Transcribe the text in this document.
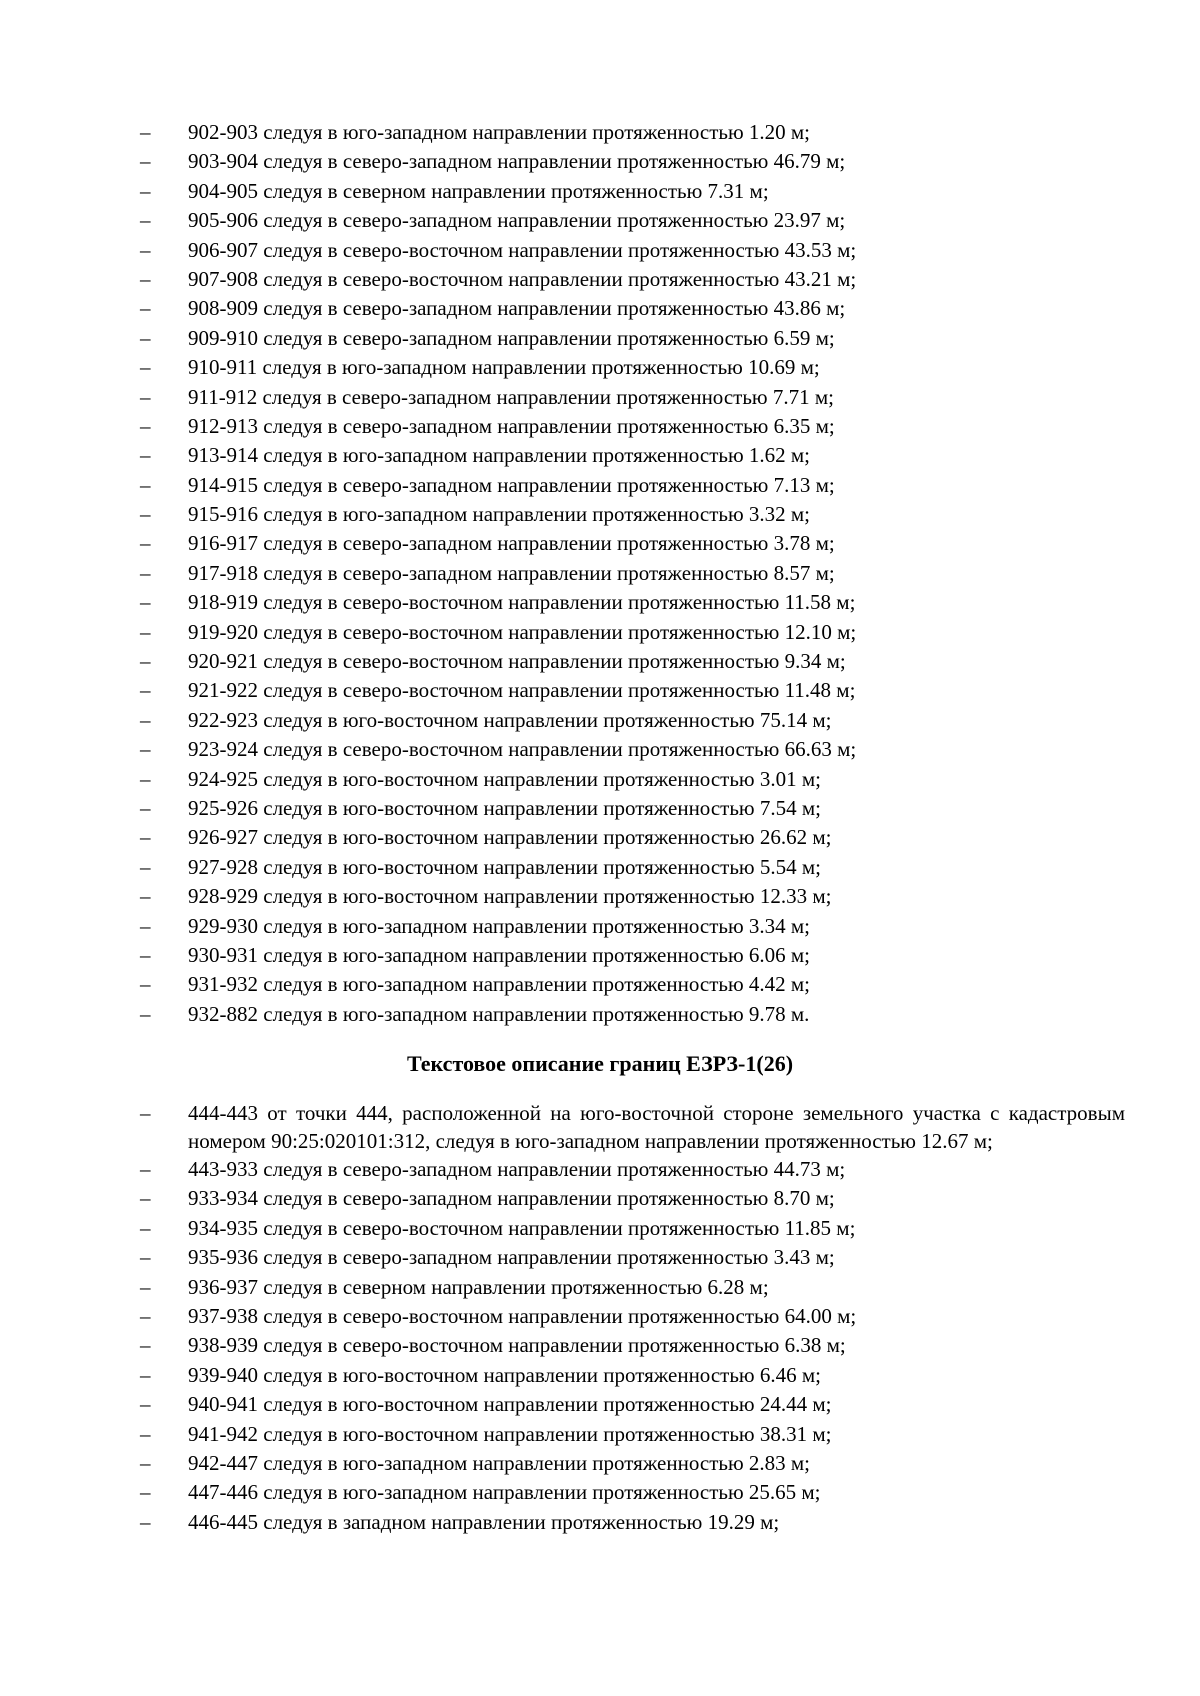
–	902-903 следуя в юго-западном направлении протяженностью 1.20 м;
–	903-904 следуя в северо-западном направлении протяженностью 46.79 м;
–	904-905 следуя в северном направлении протяженностью 7.31 м;
–	905-906 следуя в северо-западном направлении протяженностью 23.97 м;
–	906-907 следуя в северо-восточном направлении протяженностью 43.53 м;
–	907-908 следуя в северо-восточном направлении протяженностью 43.21 м;
–	908-909 следуя в северо-западном направлении протяженностью 43.86 м;
–	909-910 следуя в северо-западном направлении протяженностью 6.59 м;
–	910-911 следуя в юго-западном направлении протяженностью 10.69 м;
–	911-912 следуя в северо-западном направлении протяженностью 7.71 м;
–	912-913 следуя в северо-западном направлении протяженностью 6.35 м;
–	913-914 следуя в юго-западном направлении протяженностью 1.62 м;
–	914-915 следуя в северо-западном направлении протяженностью 7.13 м;
–	915-916 следуя в юго-западном направлении протяженностью 3.32 м;
–	916-917 следуя в северо-западном направлении протяженностью 3.78 м;
–	917-918 следуя в северо-западном направлении протяженностью 8.57 м;
–	918-919 следуя в северо-восточном направлении протяженностью 11.58 м;
–	919-920 следуя в северо-восточном направлении протяженностью 12.10 м;
–	920-921 следуя в северо-восточном направлении протяженностью 9.34 м;
–	921-922 следуя в северо-восточном направлении протяженностью 11.48 м;
–	922-923 следуя в юго-восточном направлении протяженностью 75.14 м;
–	923-924 следуя в северо-восточном направлении протяженностью 66.63 м;
–	924-925 следуя в юго-восточном направлении протяженностью 3.01 м;
–	925-926 следуя в юго-восточном направлении протяженностью 7.54 м;
–	926-927 следуя в юго-восточном направлении протяженностью 26.62 м;
–	927-928 следуя в юго-восточном направлении протяженностью 5.54 м;
–	928-929 следуя в юго-восточном направлении протяженностью 12.33 м;
–	929-930 следуя в юго-западном направлении протяженностью 3.34 м;
–	930-931 следуя в юго-западном направлении протяженностью 6.06 м;
–	931-932 следуя в юго-западном направлении протяженностью 4.42 м;
–	932-882 следуя в юго-западном направлении протяженностью 9.78 м.
Текстовое описание границ ЕЗРЗ-1(26)
–	444-443 от точки 444, расположенной на юго-восточной стороне земельного участка с кадастровым номером 90:25:020101:312, следуя в юго-западном направлении протяженностью 12.67 м;
–	443-933 следуя в северо-западном направлении протяженностью 44.73 м;
–	933-934 следуя в северо-западном направлении протяженностью 8.70 м;
–	934-935 следуя в северо-восточном направлении протяженностью 11.85 м;
–	935-936 следуя в северо-западном направлении протяженностью 3.43 м;
–	936-937 следуя в северном направлении протяженностью 6.28 м;
–	937-938 следуя в северо-восточном направлении протяженностью 64.00 м;
–	938-939 следуя в северо-восточном направлении протяженностью 6.38 м;
–	939-940 следуя в юго-восточном направлении протяженностью 6.46 м;
–	940-941 следуя в юго-восточном направлении протяженностью 24.44 м;
–	941-942 следуя в юго-восточном направлении протяженностью 38.31 м;
–	942-447 следуя в юго-западном направлении протяженностью 2.83 м;
–	447-446 следуя в юго-западном направлении протяженностью 25.65 м;
–	446-445 следуя в западном направлении протяженностью 19.29 м;
